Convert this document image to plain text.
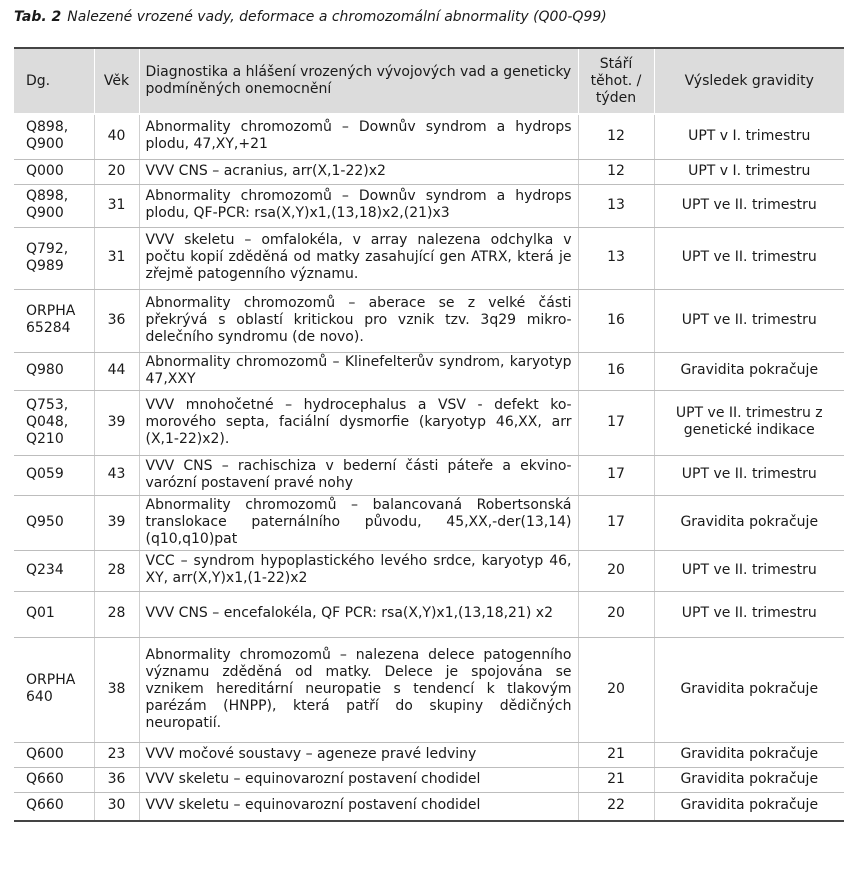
Tab. 2 Nalezené vrozené vady, deformace a chromozomální abnormality (Q00-Q99)
Dg.	Věk	Diagnostika a hlášení vrozených vývojových vad a geneticky podmíněných onemocnění	Stáří těhot. / týden	Výsledek gravidity
Q898, Q900	40	Abnormality chromozomů – Downův syndrom a hydrops plodu, 47,XY,+21	12	UPT v I. trimestru
Q000	20	VVV CNS – acranius, arr(X,1-22)x2	12	UPT v I. trimestru
Q898, Q900	31	Abnormality chromozomů – Downův syndrom a hydrops plodu, QF-PCR: rsa(X,Y)x1,(13,18)x2,(21)x3	13	UPT ve II. trimestru
Q792, Q989	31	VVV skeletu – omfalokéla, v array nalezena odchylka v počtu kopií zděděná od matky zasahující gen ATRX, která je zřejmě patogenního významu.	13	UPT ve II. trimestru
ORPHA 65284	36	Abnormality chromozomů – aberace se z velké části překrývá s oblastí kritickou pro vznik tzv. 3q29 mikrodelečního syndromu (de novo).	16	UPT ve II. trimestru
Q980	44	Abnormality chromozomů – Klinefelterův syndrom, karyotyp 47,XXY	16	Gravidita pokračuje
Q753, Q048, Q210	39	VVV mnohočetné – hydrocephalus a VSV - defekt komorového septa, faciální dysmorfie (karyotyp 46,XX, arr (X,1-22)x2).	17	UPT ve II. trimestru z genetické indikace
Q059	43	VVV CNS – rachischiza v bederní části páteře a ekvinovarózní postavení pravé nohy	17	UPT ve II. trimestru
Q950	39	Abnormality chromozomů – balancovaná Robertsonská translokace paternálního původu, 45,XX,-der(13,14)(q10,q10)pat	17	Gravidita pokračuje
Q234	28	VCC – syndrom hypoplastického levého srdce, karyotyp 46, XY, arr(X,Y)x1,(1-22)x2	20	UPT ve II. trimestru
Q01	28	VVV CNS – encefalokéla, QF PCR: rsa(X,Y)x1,(13,18,21) x2	20	UPT ve II. trimestru
ORPHA 640	38	Abnormality chromozomů – nalezena delece patogenního významu zděděná od matky. Delece je spojována se vznikem hereditární neuropatie s tendencí k tlakovým parézám (HNPP), která patří do skupiny dědičných neuropatií.	20	Gravidita pokračuje
Q600	23	VVV močové soustavy – ageneze pravé ledviny	21	Gravidita pokračuje
Q660	36	VVV skeletu – equinovarozní postavení chodidel	21	Gravidita pokračuje
Q660	30	VVV skeletu – equinovarozní postavení chodidel	22	Gravidita pokračuje
